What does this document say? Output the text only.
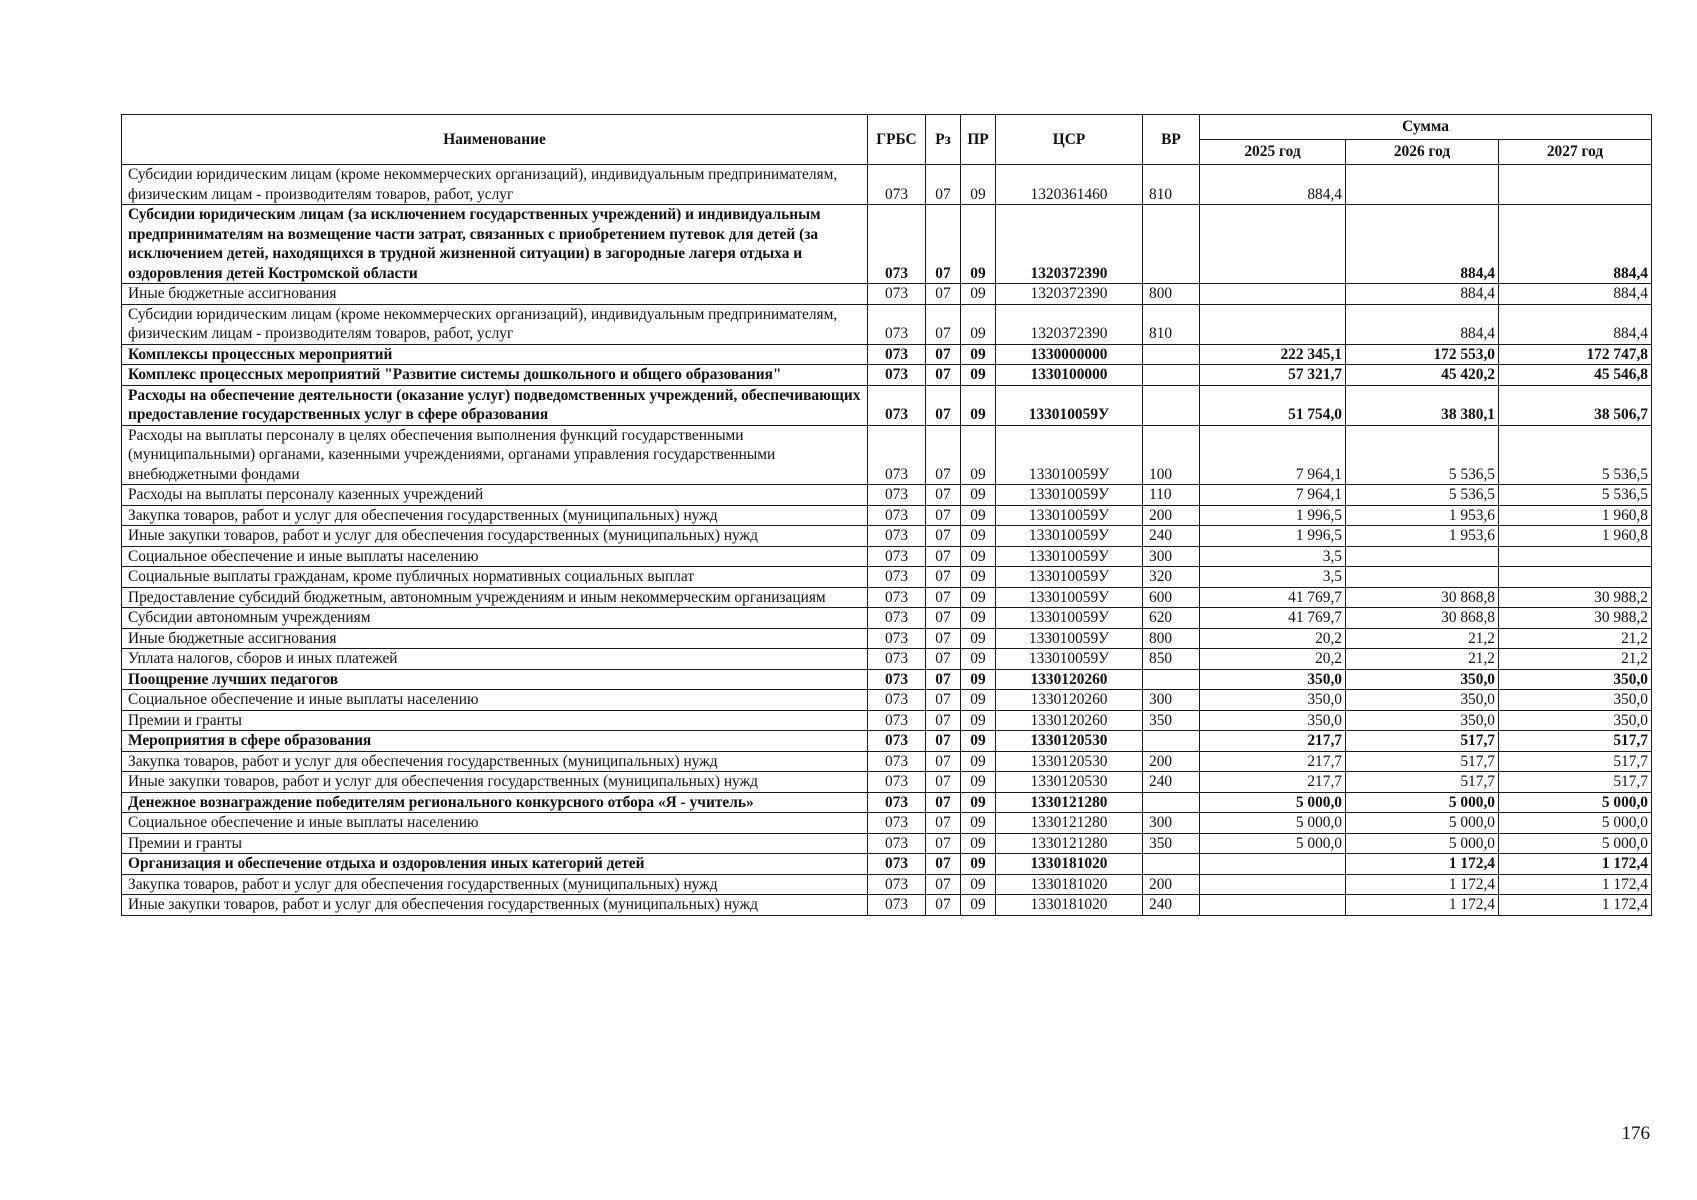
Наименование	ГРБС	Рз	ПР	ЦСР	ВР	Сумма		
						2025 год	2026 год	2027 год
Субсидии юридическим лицам (кроме некоммерческих организаций), индивидуальным предпринимателям, физическим лицам - производителям товаров, работ, услуг	073	07	09	1320361460	810	884,4		
Субсидии юридическим лицам (за исключением государственных учреждений) и индивидуальным предпринимателям на возмещение части затрат, связанных с приобретением путевок для детей (за исключением детей, находящихся в трудной жизненной ситуации) в загородные лагеря отдыха и оздоровления детей Костромской области	073	07	09	1320372390			884,4	884,4
Иные бюджетные ассигнования	073	07	09	1320372390	800		884,4	884,4
Субсидии юридическим лицам (кроме некоммерческих организаций), индивидуальным предпринимателям, физическим лицам - производителям товаров, работ, услуг	073	07	09	1320372390	810		884,4	884,4
Комплексы процессных мероприятий	073	07	09	1330000000		222 345,1	172 553,0	172 747,8
Комплекс процессных мероприятий "Развитие системы дошкольного и общего образования"	073	07	09	1330100000		57 321,7	45 420,2	45 546,8
Расходы на обеспечение деятельности (оказание услуг) подведомственных учреждений, обеспечивающих предоставление государственных услуг в сфере образования	073	07	09	133010059У		51 754,0	38 380,1	38 506,7
Расходы на выплаты персоналу в целях обеспечения выполнения функций государственными (муниципальными) органами, казенными учреждениями, органами управления государственными внебюджетными фондами	073	07	09	133010059У	100	7 964,1	5 536,5	5 536,5
Расходы на выплаты персоналу казенных учреждений	073	07	09	133010059У	110	7 964,1	5 536,5	5 536,5
Закупка товаров, работ и услуг для обеспечения государственных (муниципальных) нужд	073	07	09	133010059У	200	1 996,5	1 953,6	1 960,8
Иные закупки товаров, работ и услуг для обеспечения государственных (муниципальных) нужд	073	07	09	133010059У	240	1 996,5	1 953,6	1 960,8
Социальное обеспечение и иные выплаты населению	073	07	09	133010059У	300	3,5		
Социальные выплаты гражданам, кроме публичных нормативных социальных выплат	073	07	09	133010059У	320	3,5		
Предоставление субсидий бюджетным, автономным учреждениям и иным некоммерческим организациям	073	07	09	133010059У	600	41 769,7	30 868,8	30 988,2
Субсидии автономным учреждениям	073	07	09	133010059У	620	41 769,7	30 868,8	30 988,2
Иные бюджетные ассигнования	073	07	09	133010059У	800	20,2	21,2	21,2
Уплата налогов, сборов и иных платежей	073	07	09	133010059У	850	20,2	21,2	21,2
Поощрение лучших педагогов	073	07	09	1330120260		350,0	350,0	350,0
Социальное обеспечение и иные выплаты населению	073	07	09	1330120260	300	350,0	350,0	350,0
Премии и гранты	073	07	09	1330120260	350	350,0	350,0	350,0
Мероприятия в сфере образования	073	07	09	1330120530		217,7	517,7	517,7
Закупка товаров, работ и услуг для обеспечения государственных (муниципальных) нужд	073	07	09	1330120530	200	217,7	517,7	517,7
Иные закупки товаров, работ и услуг для обеспечения государственных (муниципальных) нужд	073	07	09	1330120530	240	217,7	517,7	517,7
Денежное вознаграждение победителям регионального конкурсного отбора «Я - учитель»	073	07	09	1330121280		5 000,0	5 000,0	5 000,0
Социальное обеспечение и иные выплаты населению	073	07	09	1330121280	300	5 000,0	5 000,0	5 000,0
Премии и гранты	073	07	09	1330121280	350	5 000,0	5 000,0	5 000,0
Организация и обеспечение отдыха и оздоровления иных категорий детей	073	07	09	1330181020			1 172,4	1 172,4
Закупка товаров, работ и услуг для обеспечения государственных (муниципальных) нужд	073	07	09	1330181020	200		1 172,4	1 172,4
Иные закупки товаров, работ и услуг для обеспечения государственных (муниципальных) нужд	073	07	09	1330181020	240		1 172,4	1 172,4
176
